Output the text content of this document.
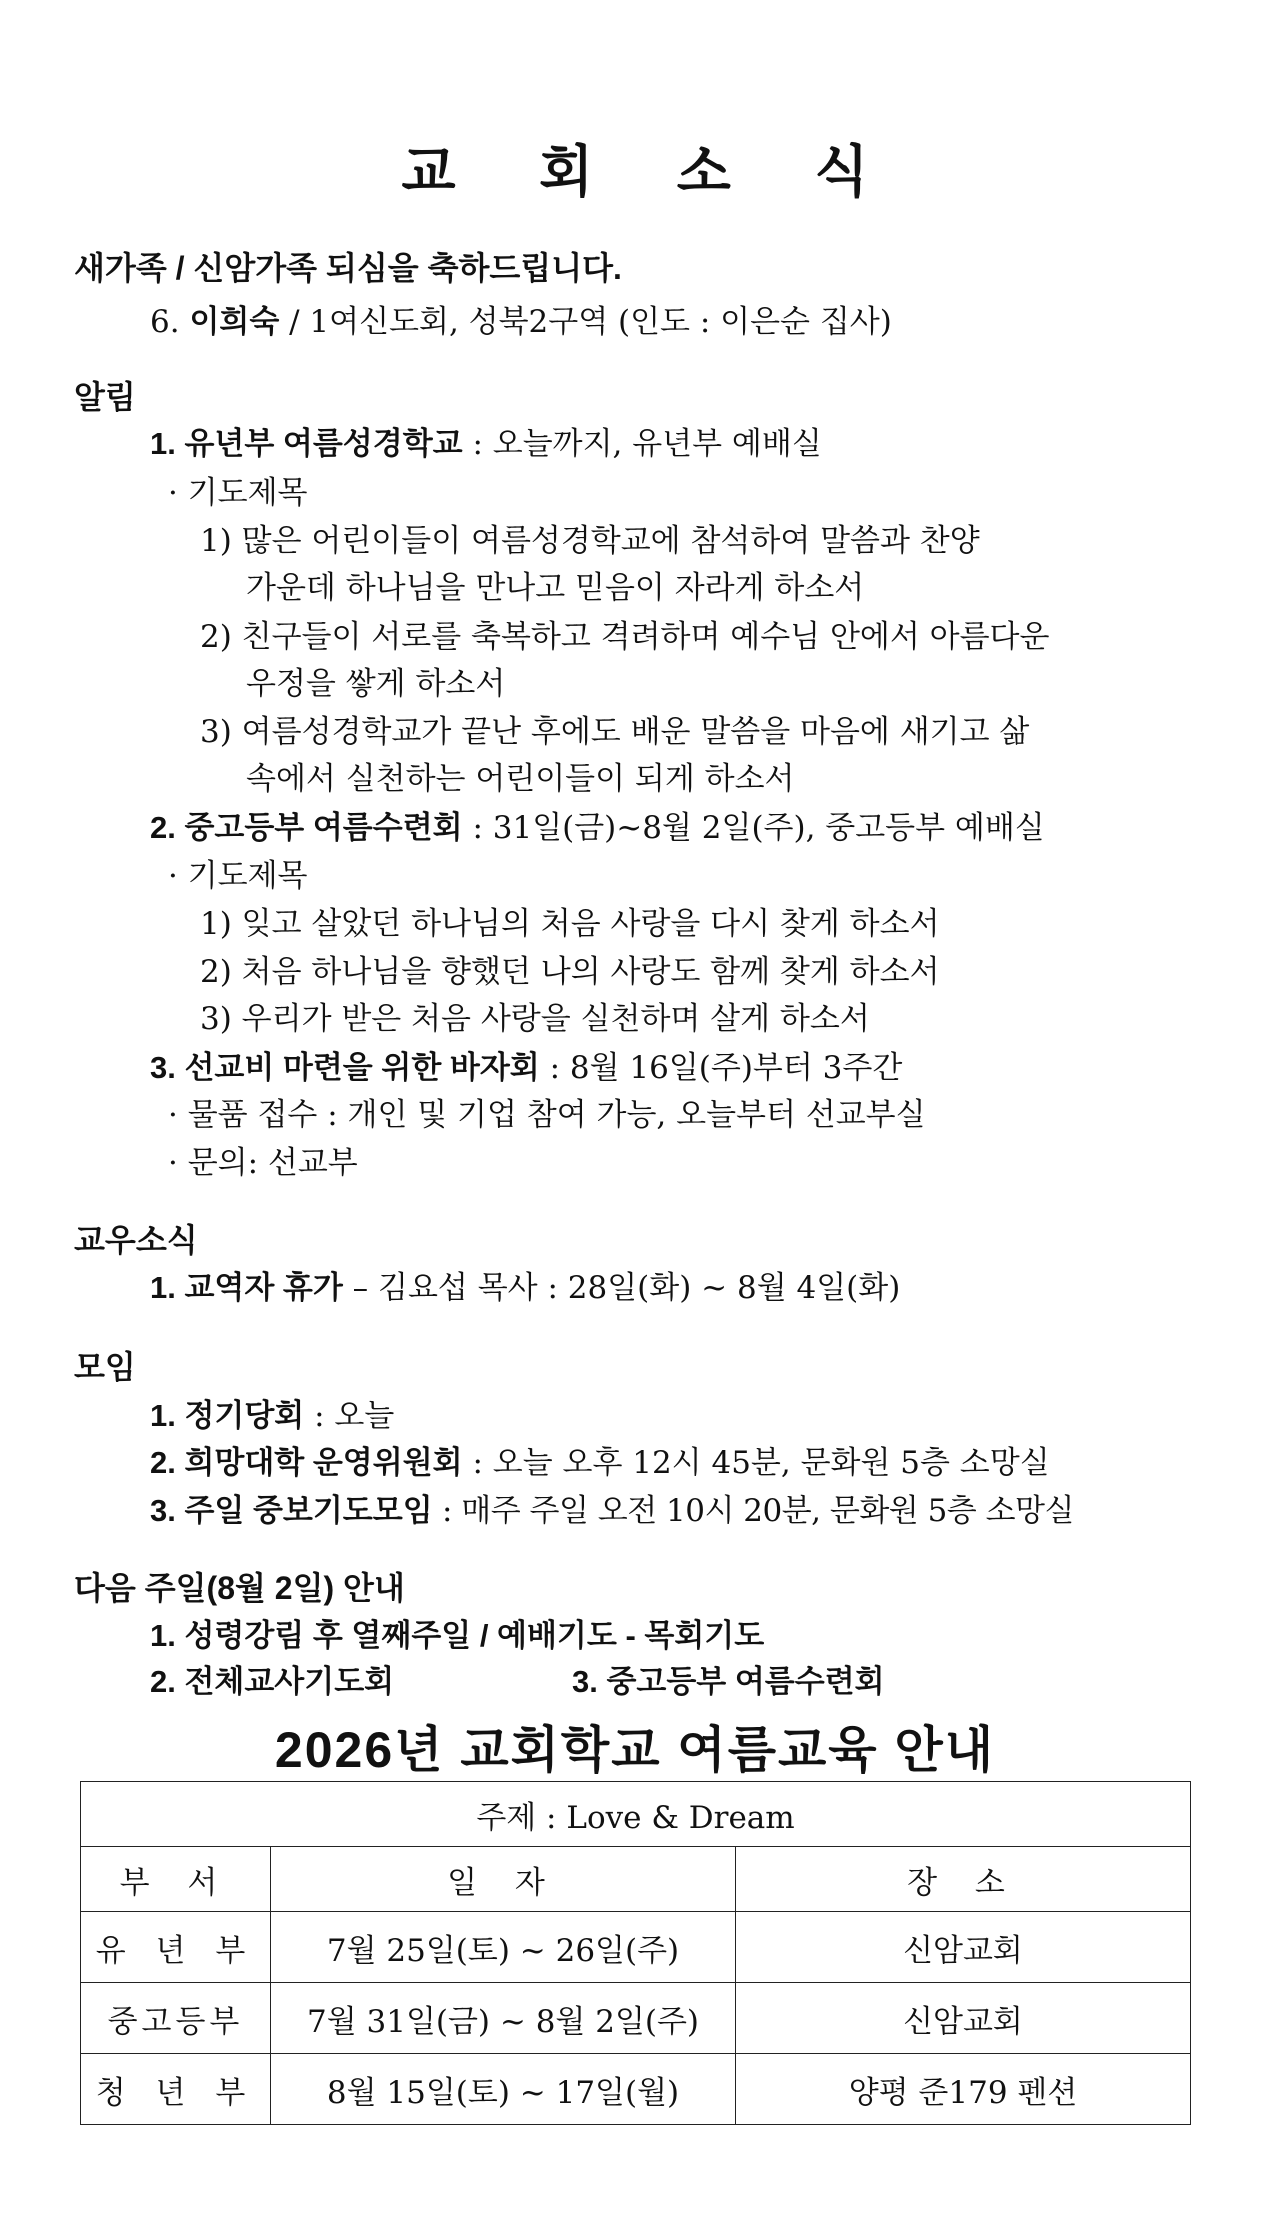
교 회 소 식
새가족 / 신암가족 되심을 축하드립니다.
6. 이희숙 / 1여신도회, 성북2구역 (인도 : 이은순 집사)
알림
1. 유년부 여름성경학교 : 오늘까지, 유년부 예배실
· 기도제목
1) 많은 어린이들이 여름성경학교에 참석하여 말씀과 찬양
가운데 하나님을 만나고 믿음이 자라게 하소서
2) 친구들이 서로를 축복하고 격려하며 예수님 안에서 아름다운
우정을 쌓게 하소서
3) 여름성경학교가 끝난 후에도 배운 말씀을 마음에 새기고 삶
속에서 실천하는 어린이들이 되게 하소서
2. 중고등부 여름수련회 : 31일(금)~8월 2일(주), 중고등부 예배실
· 기도제목
1) 잊고 살았던 하나님의 처음 사랑을 다시 찾게 하소서
2) 처음 하나님을 향했던 나의 사랑도 함께 찾게 하소서
3) 우리가 받은 처음 사랑을 실천하며 살게 하소서
3. 선교비 마련을 위한 바자회 : 8월 16일(주)부터 3주간
· 물품 접수 : 개인 및 기업 참여 가능, 오늘부터 선교부실
· 문의: 선교부
교우소식
1. 교역자 휴가 – 김요섭 목사 : 28일(화) ~ 8월 4일(화)
모임
1. 정기당회 : 오늘
2. 희망대학 운영위원회 : 오늘 오후 12시 45분, 문화원 5층 소망실
3. 주일 중보기도모임 : 매주 주일 오전 10시 20분, 문화원 5층 소망실
다음 주일(8월 2일) 안내
1. 성령강림 후 열째주일 / 예배기도 - 목회기도
2. 전체교사기도회	3. 중고등부 여름수련회
2026년 교회학교 여름교육 안내
주제 : Love & Dream		
부 서	일 자	장 소
유 년 부	7월 25일(토) ~ 26일(주)	신암교회
중고등부	7월 31일(금) ~ 8월 2일(주)	신암교회
청 년 부	8월 15일(토) ~ 17일(월)	양평 준179 펜션
